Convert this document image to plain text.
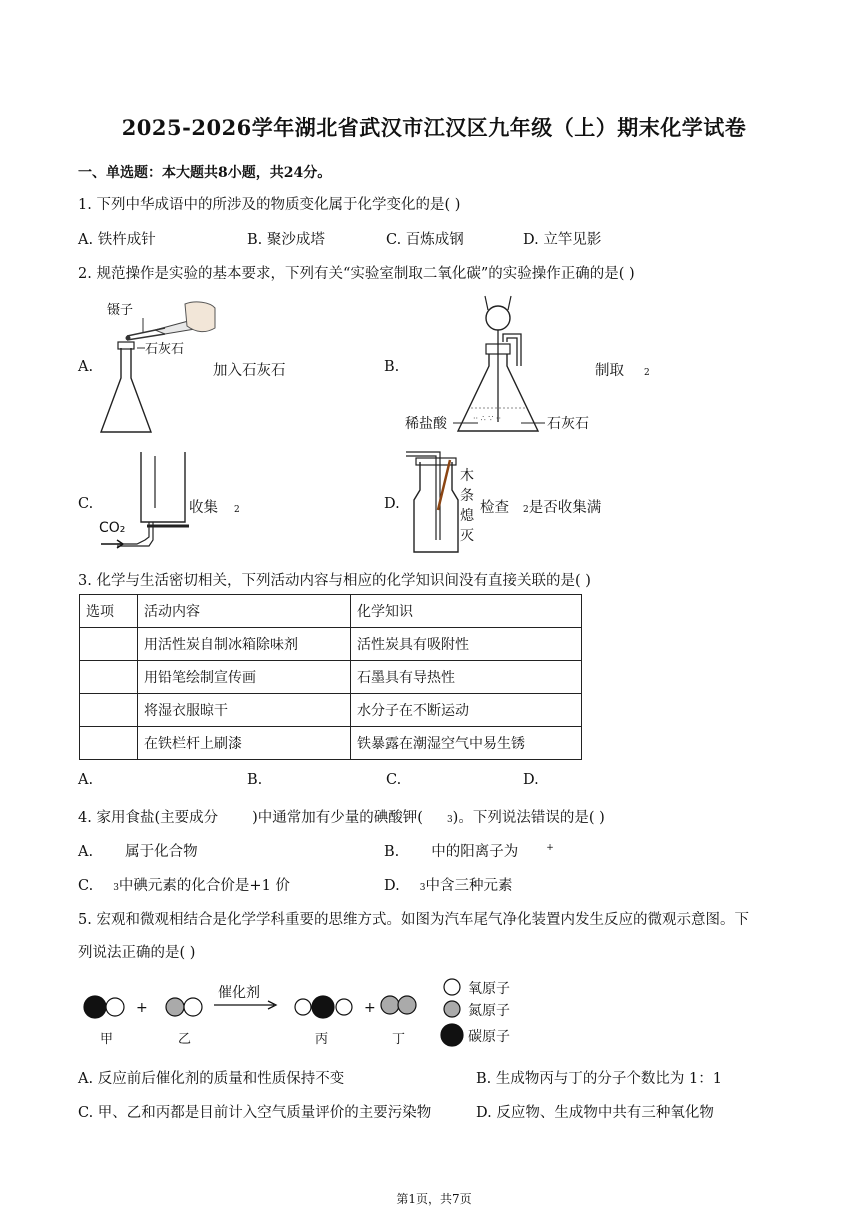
2025-2026学年湖北省武汉市江汉区九年级（上）期末化学试卷
一、单选题：本大题共8小题，共24分。
1. 下列中华成语中的所涉及的物质变化属于化学变化的是( )
A. 铁杵成针	B. 聚沙成塔	C. 百炼成钢	D. 立竿见影
2. 规范操作是实验的基本要求，下列有关“实验室制取二氧化碳”的实验操作正确的是( )
A.
镊子
石灰石
加入石灰石	B.
·· ∴ ∵ ··
稀盐酸	石灰石
制取 2
C.
CO₂
收集 2	D.
木
条
熄
灭
检查 2是否收集满
3. 化学与生活密切相关，下列活动内容与相应的化学知识间没有直接关联的是( )
选项	活动内容	化学知识
	用活性炭自制冰箱除味剂	活性炭具有吸附性
	用铅笔绘制宣传画	石墨具有导热性
	将湿衣服晾干	水分子在不断运动
	在铁栏杆上刷漆	铁暴露在潮湿空气中易生锈
A.	B.	C.	D.
4. 家用食盐(主要成分 )中通常加有少量的碘酸钾(	3)。下列说法错误的是( )
A. 属于化合物	B. 中的阳离子为	+
C. 3中碘元素的化合价是+1 价	D. 3中含三种元素
5. 宏观和微观相结合是化学学科重要的思维方式。如图为汽车尾气净化装置内发生反应的微观示意图。下
列说法正确的是( )
+
催化剂
+
甲	乙	丙	丁
氧原子
氮原子
碳原子
A. 反应前后催化剂的质量和性质保持不变	B. 生成物丙与丁的分子个数比为 1：1
C. 甲、乙和丙都是目前计入空气质量评价的主要污染物	D. 反应物、生成物中共有三种氧化物
第1页，共7页
